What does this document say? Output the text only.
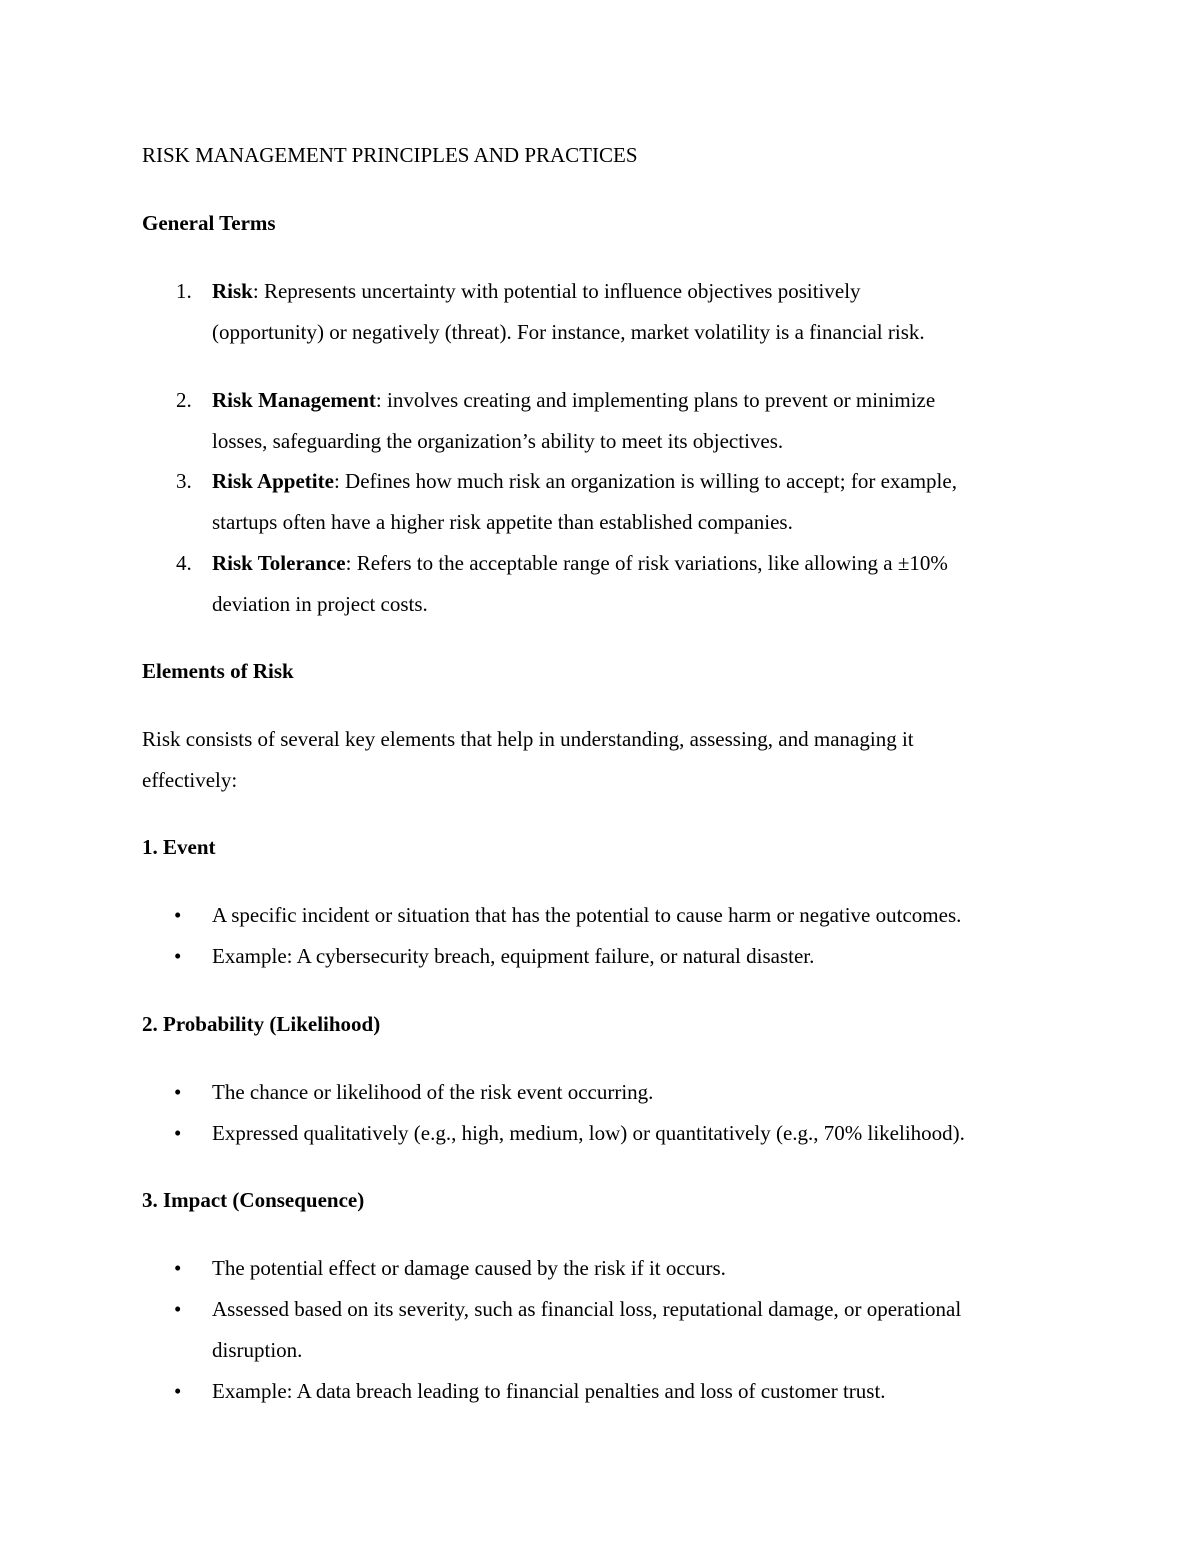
RISK MANAGEMENT PRINCIPLES AND PRACTICES

General Terms

1. Risk: Represents uncertainty with potential to influence objectives positively
(opportunity) or negatively (threat). For instance, market volatility is a financial risk.
2. Risk Management: involves creating and implementing plans to prevent or minimize
losses, safeguarding the organization’s ability to meet its objectives.
3. Risk Appetite: Defines how much risk an organization is willing to accept; for example,
startups often have a higher risk appetite than established companies.
4. Risk Tolerance: Refers to the acceptable range of risk variations, like allowing a ±10%
deviation in project costs.

Elements of Risk

Risk consists of several key elements that help in understanding, assessing, and managing it

effectively:

1. Event

• A specific incident or situation that has the potential to cause harm or negative outcomes.
• Example: A cybersecurity breach, equipment failure, or natural disaster.

2. Probability (Likelihood)

• The chance or likelihood of the risk event occurring.
• Expressed qualitatively (e.g., high, medium, low) or quantitatively (e.g., 70% likelihood).

3. Impact (Consequence)

• The potential effect or damage caused by the risk if it occurs.
• Assessed based on its severity, such as financial loss, reputational damage, or operational
disruption.
• Example: A data breach leading to financial penalties and loss of customer trust.
